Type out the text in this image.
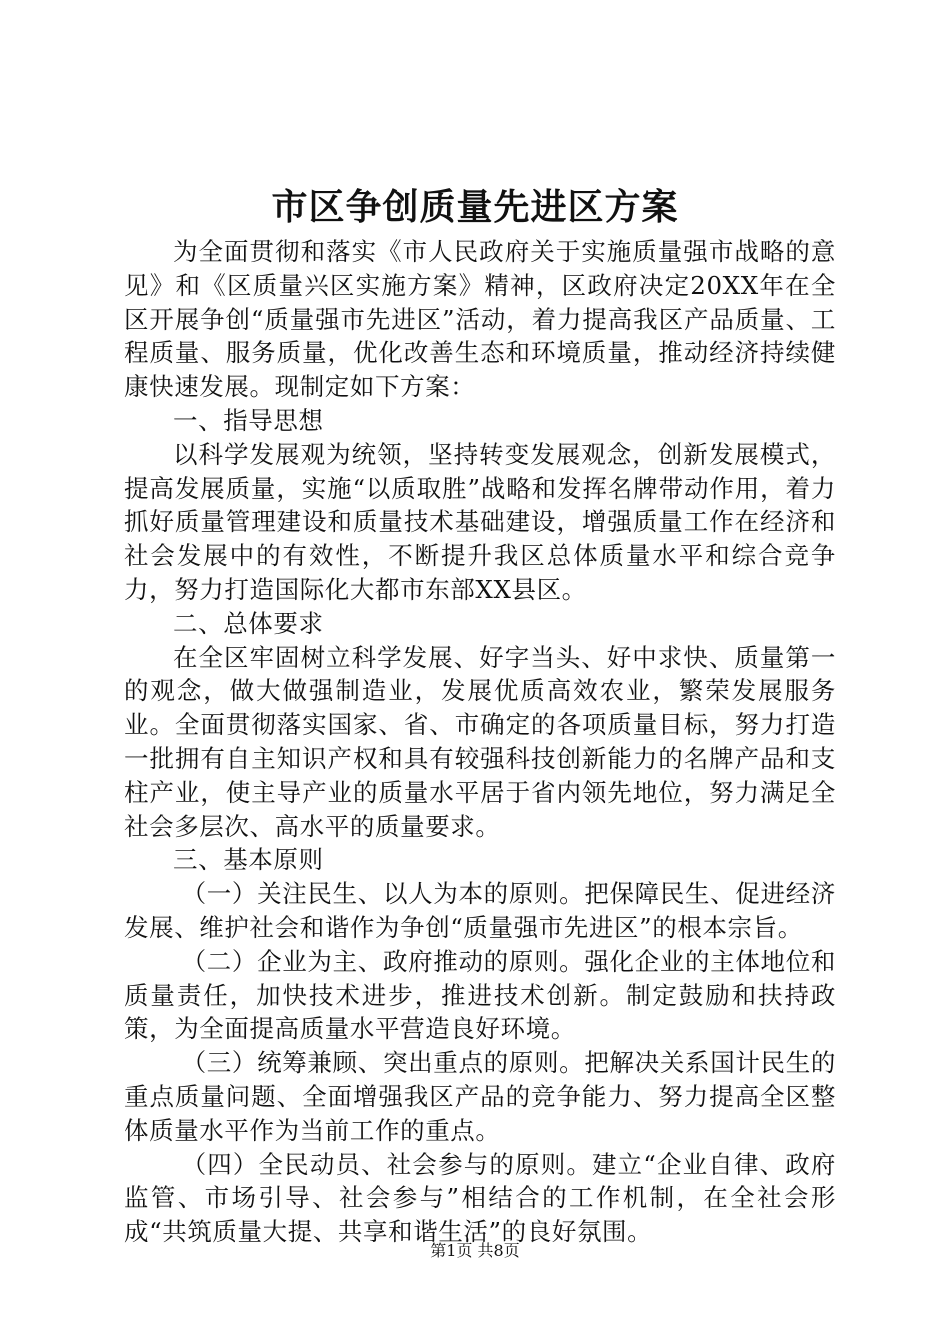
市区争创质量先进区方案

为全面贯彻和落实《市人民政府关于实施质量强市战略的意见》和《区质量兴区实施方案》精神，区政府决定20XX年在全区开展争创“质量强市先进区”活动，着力提高我区产品质量、工程质量、服务质量，优化改善生态和环境质量，推动经济持续健康快速发展。现制定如下方案：

一、指导思想

以科学发展观为统领，坚持转变发展观念，创新发展模式，提高发展质量，实施“以质取胜”战略和发挥名牌带动作用，着力抓好质量管理建设和质量技术基础建设，增强质量工作在经济和社会发展中的有效性，不断提升我区总体质量水平和综合竞争力，努力打造国际化大都市东部XX县区。

二、总体要求

在全区牢固树立科学发展、好字当头、好中求快、质量第一的观念，做大做强制造业，发展优质高效农业，繁荣发展服务业。全面贯彻落实国家、省、市确定的各项质量目标，努力打造一批拥有自主知识产权和具有较强科技创新能力的名牌产品和支柱产业，使主导产业的质量水平居于省内领先地位，努力满足全社会多层次、高水平的质量要求。

三、基本原则

（一）关注民生、以人为本的原则。把保障民生、促进经济发展、维护社会和谐作为争创“质量强市先进区”的根本宗旨。

（二）企业为主、政府推动的原则。强化企业的主体地位和质量责任，加快技术进步，推进技术创新。制定鼓励和扶持政策，为全面提高质量水平营造良好环境。

（三）统筹兼顾、突出重点的原则。把解决关系国计民生的重点质量问题、全面增强我区产品的竞争能力、努力提高全区整体质量水平作为当前工作的重点。

（四）全民动员、社会参与的原则。建立“企业自律、政府监管、市场引导、社会参与”相结合的工作机制，在全社会形成“共筑质量大提、共享和谐生活”的良好氛围。

第1页 共8页
